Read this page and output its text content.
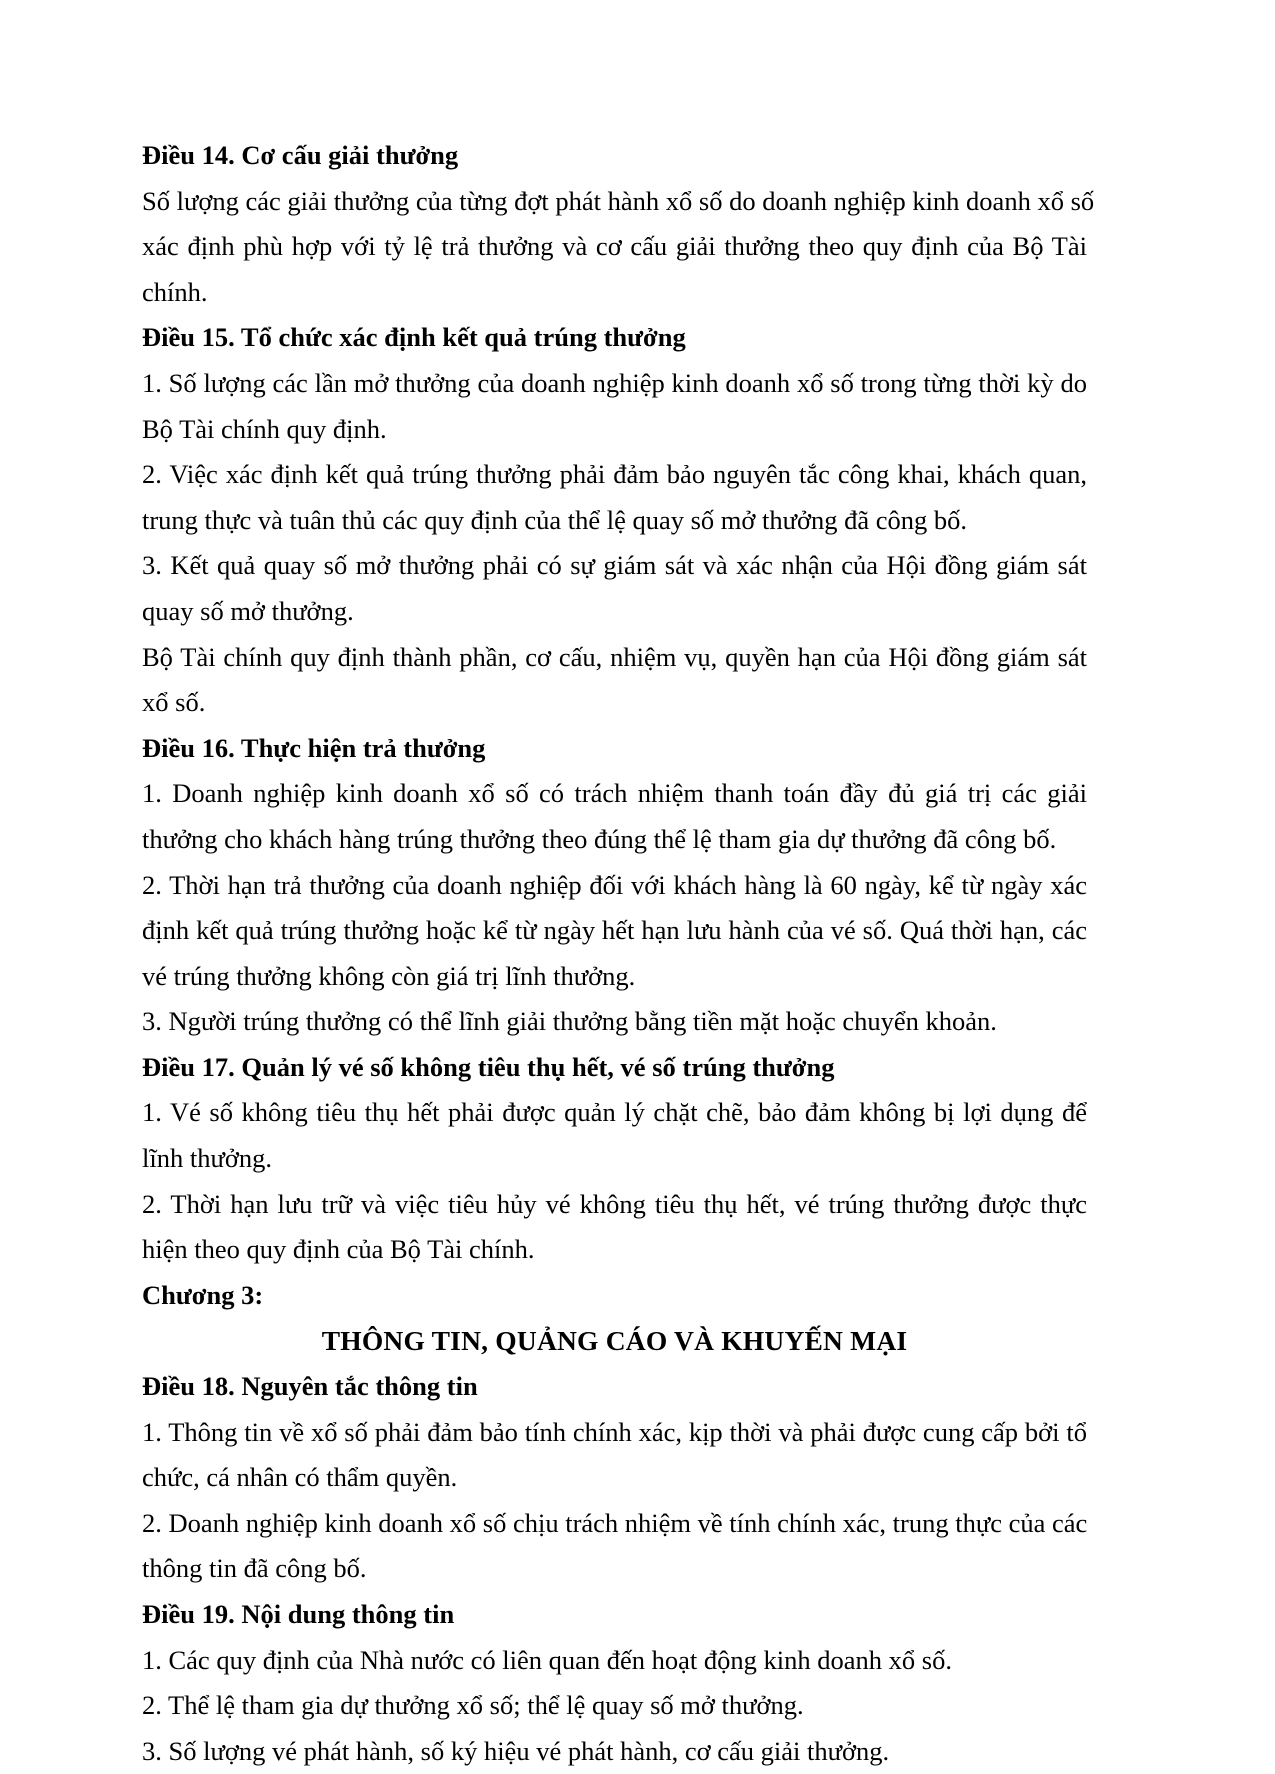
Điều 14. Cơ cấu giải thưởng
Số lượng các giải thưởng của từng đợt phát hành xổ số do doanh nghiệp kinh doanh xổ số
xác định phù hợp với tỷ lệ trả thưởng và cơ cấu giải thưởng theo quy định của Bộ Tài
chính.
Điều 15. Tổ chức xác định kết quả trúng thưởng
1. Số lượng các lần mở thưởng của doanh nghiệp kinh doanh xổ số trong từng thời kỳ do
Bộ Tài chính quy định.
2. Việc xác định kết quả trúng thưởng phải đảm bảo nguyên tắc công khai, khách quan,
trung thực và tuân thủ các quy định của thể lệ quay số mở thưởng đã công bố.
3. Kết quả quay số mở thưởng phải có sự giám sát và xác nhận của Hội đồng giám sát
quay số mở thưởng.
Bộ Tài chính quy định thành phần, cơ cấu, nhiệm vụ, quyền hạn của Hội đồng giám sát
xổ số.
Điều 16. Thực hiện trả thưởng
1. Doanh nghiệp kinh doanh xổ số có trách nhiệm thanh toán đầy đủ giá trị các giải
thưởng cho khách hàng trúng thưởng theo đúng thể lệ tham gia dự thưởng đã công bố.
2. Thời hạn trả thưởng của doanh nghiệp đối với khách hàng là 60 ngày, kể từ ngày xác
định kết quả trúng thưởng hoặc kể từ ngày hết hạn lưu hành của vé số. Quá thời hạn, các
vé trúng thưởng không còn giá trị lĩnh thưởng.
3. Người trúng thưởng có thể lĩnh giải thưởng bằng tiền mặt hoặc chuyển khoản.
Điều 17. Quản lý vé số không tiêu thụ hết, vé số trúng thưởng
1. Vé số không tiêu thụ hết phải được quản lý chặt chẽ, bảo đảm không bị lợi dụng để
lĩnh thưởng.
2. Thời hạn lưu trữ và việc tiêu hủy vé không tiêu thụ hết, vé trúng thưởng được thực
hiện theo quy định của Bộ Tài chính.
Chương 3:
THÔNG TIN, QUẢNG CÁO VÀ KHUYẾN MẠI
Điều 18. Nguyên tắc thông tin
1. Thông tin về xổ số phải đảm bảo tính chính xác, kịp thời và phải được cung cấp bởi tổ
chức, cá nhân có thẩm quyền.
2. Doanh nghiệp kinh doanh xổ số chịu trách nhiệm về tính chính xác, trung thực của các
thông tin đã công bố.
Điều 19. Nội dung thông tin
1. Các quy định của Nhà nước có liên quan đến hoạt động kinh doanh xổ số.
2. Thể lệ tham gia dự thưởng xổ số; thể lệ quay số mở thưởng.
3. Số lượng vé phát hành, số ký hiệu vé phát hành, cơ cấu giải thưởng.
